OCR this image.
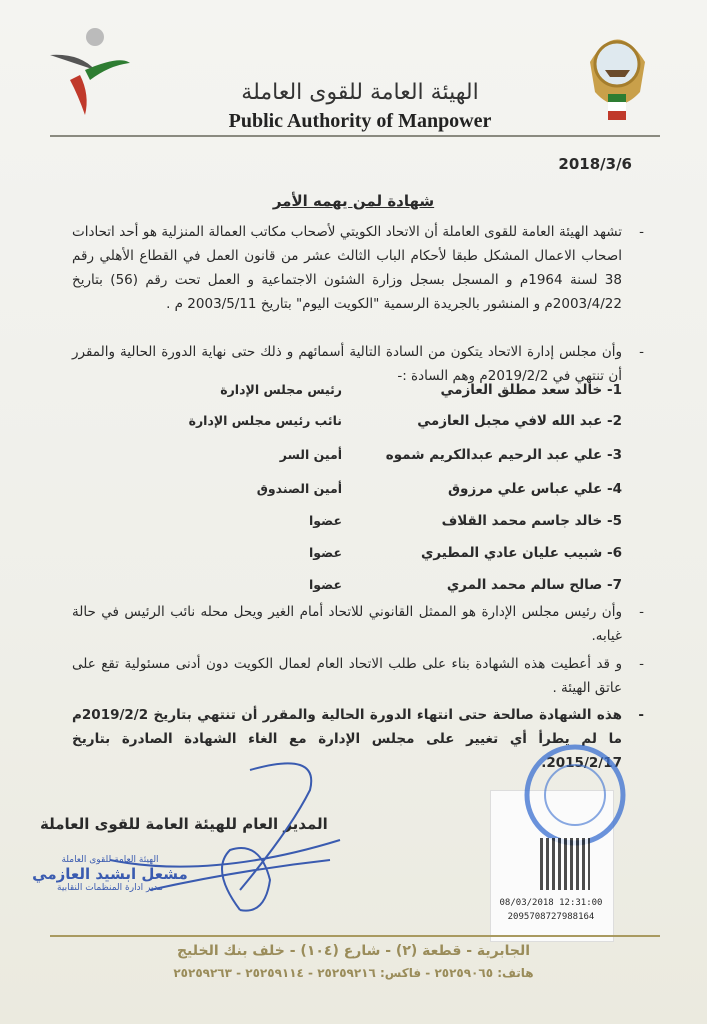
الهيئة العامة للقوى العاملة
Public Authority of Manpower
2018/3/6
شهادة لمن يهمه الأمر
- تشهد الهيئة العامة للقوى العاملة أن الاتحاد الكويتي لأصحاب مكاتب العمالة المنزلية هو أحد اتحادات اصحاب الاعمال المشكل طبقا لأحكام الباب الثالث عشر من قانون العمل في القطاع الأهلي رقم 38 لسنة 1964م و المسجل بسجل وزارة الشئون الاجتماعية و العمل تحت رقم (56) بتاريخ 2003/4/22م و المنشور بالجريدة الرسمية "الكويت اليوم" بتاريخ 2003/5/11 م .
- وأن مجلس إدارة الاتحاد يتكون من السادة التالية أسمائهم و ذلك حتى نهاية الدورة الحالية والمقرر أن تنتهي في 2019/2/2م وهم السادة :-
1- خالد سعد مطلق العازمي
رئيس مجلس الإدارة
2- عبد الله لافي مجبل العازمي
نائب رئيس مجلس الإدارة
3- علي عبد الرحيم عبدالكريم شموه
أمين السر
4- علي عباس علي مرزوق
أمين الصندوق
5- خالد جاسم محمد القلاف
عضوا
6- شبيب عليان عادي المطيري
عضوا
7- صالح سالم محمد المري
عضوا
- وأن رئيس مجلس الإدارة هو الممثل القانوني للاتحاد أمام الغير ويحل محله نائب الرئيس في حالة غيابه.
- و قد أعطيت هذه الشهادة بناء على طلب الاتحاد العام لعمال الكويت دون أدنى مسئولية تقع على عاتق الهيئة .
- هذه الشهادة صالحة حتى انتهاء الدورة الحالية والمقرر أن تنتهي بتاريخ 2019/2/2م ما لم يطرأ أي تغيير على مجلس الإدارة مع الغاء الشهادة الصادرة بتاريخ 2015/2/17.
المدير العام للهيئة العامة للقوى العاملة
الهيئة العامة للقوى العاملة
مشعل ابشيد العازمي
مدير ادارة المنظمات النقابية
08/03/2018 12:31:00
2095708727988164
الجابرية - قطعة (٢) - شارع (١٠٤) - خلف بنك الخليج
هاتف: ٢٥٢٥٩٠٦٥ - فاكس: ٢٥٢٥٩٢١٦ - ٢٥٢٥٩١١٤ - ٢٥٢٥٩٢٦٣
